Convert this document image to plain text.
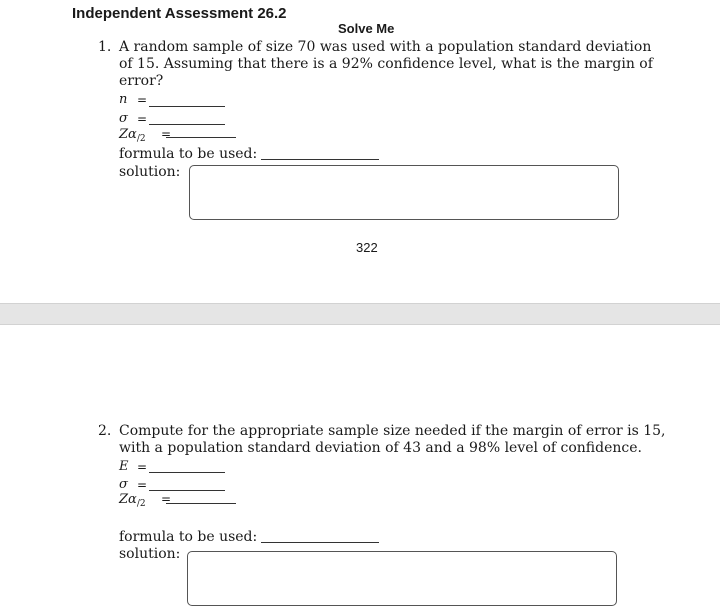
Independent Assessment 26.2
Solve Me
1. A random sample of size 70 was used with a population standard deviation
of 15. Assuming that there is a 92% confidence level, what is the margin of
error?
n =
σ =
$Z\alpha_{/2}$ =
formula to be used:
solution:
322
2. Compute for the appropriate sample size needed if the margin of error is 15,
with a population standard deviation of 43 and a 98% level of confidence.
E =
σ =
$Z\alpha_{/2}$ =
formula to be used:
solution:
